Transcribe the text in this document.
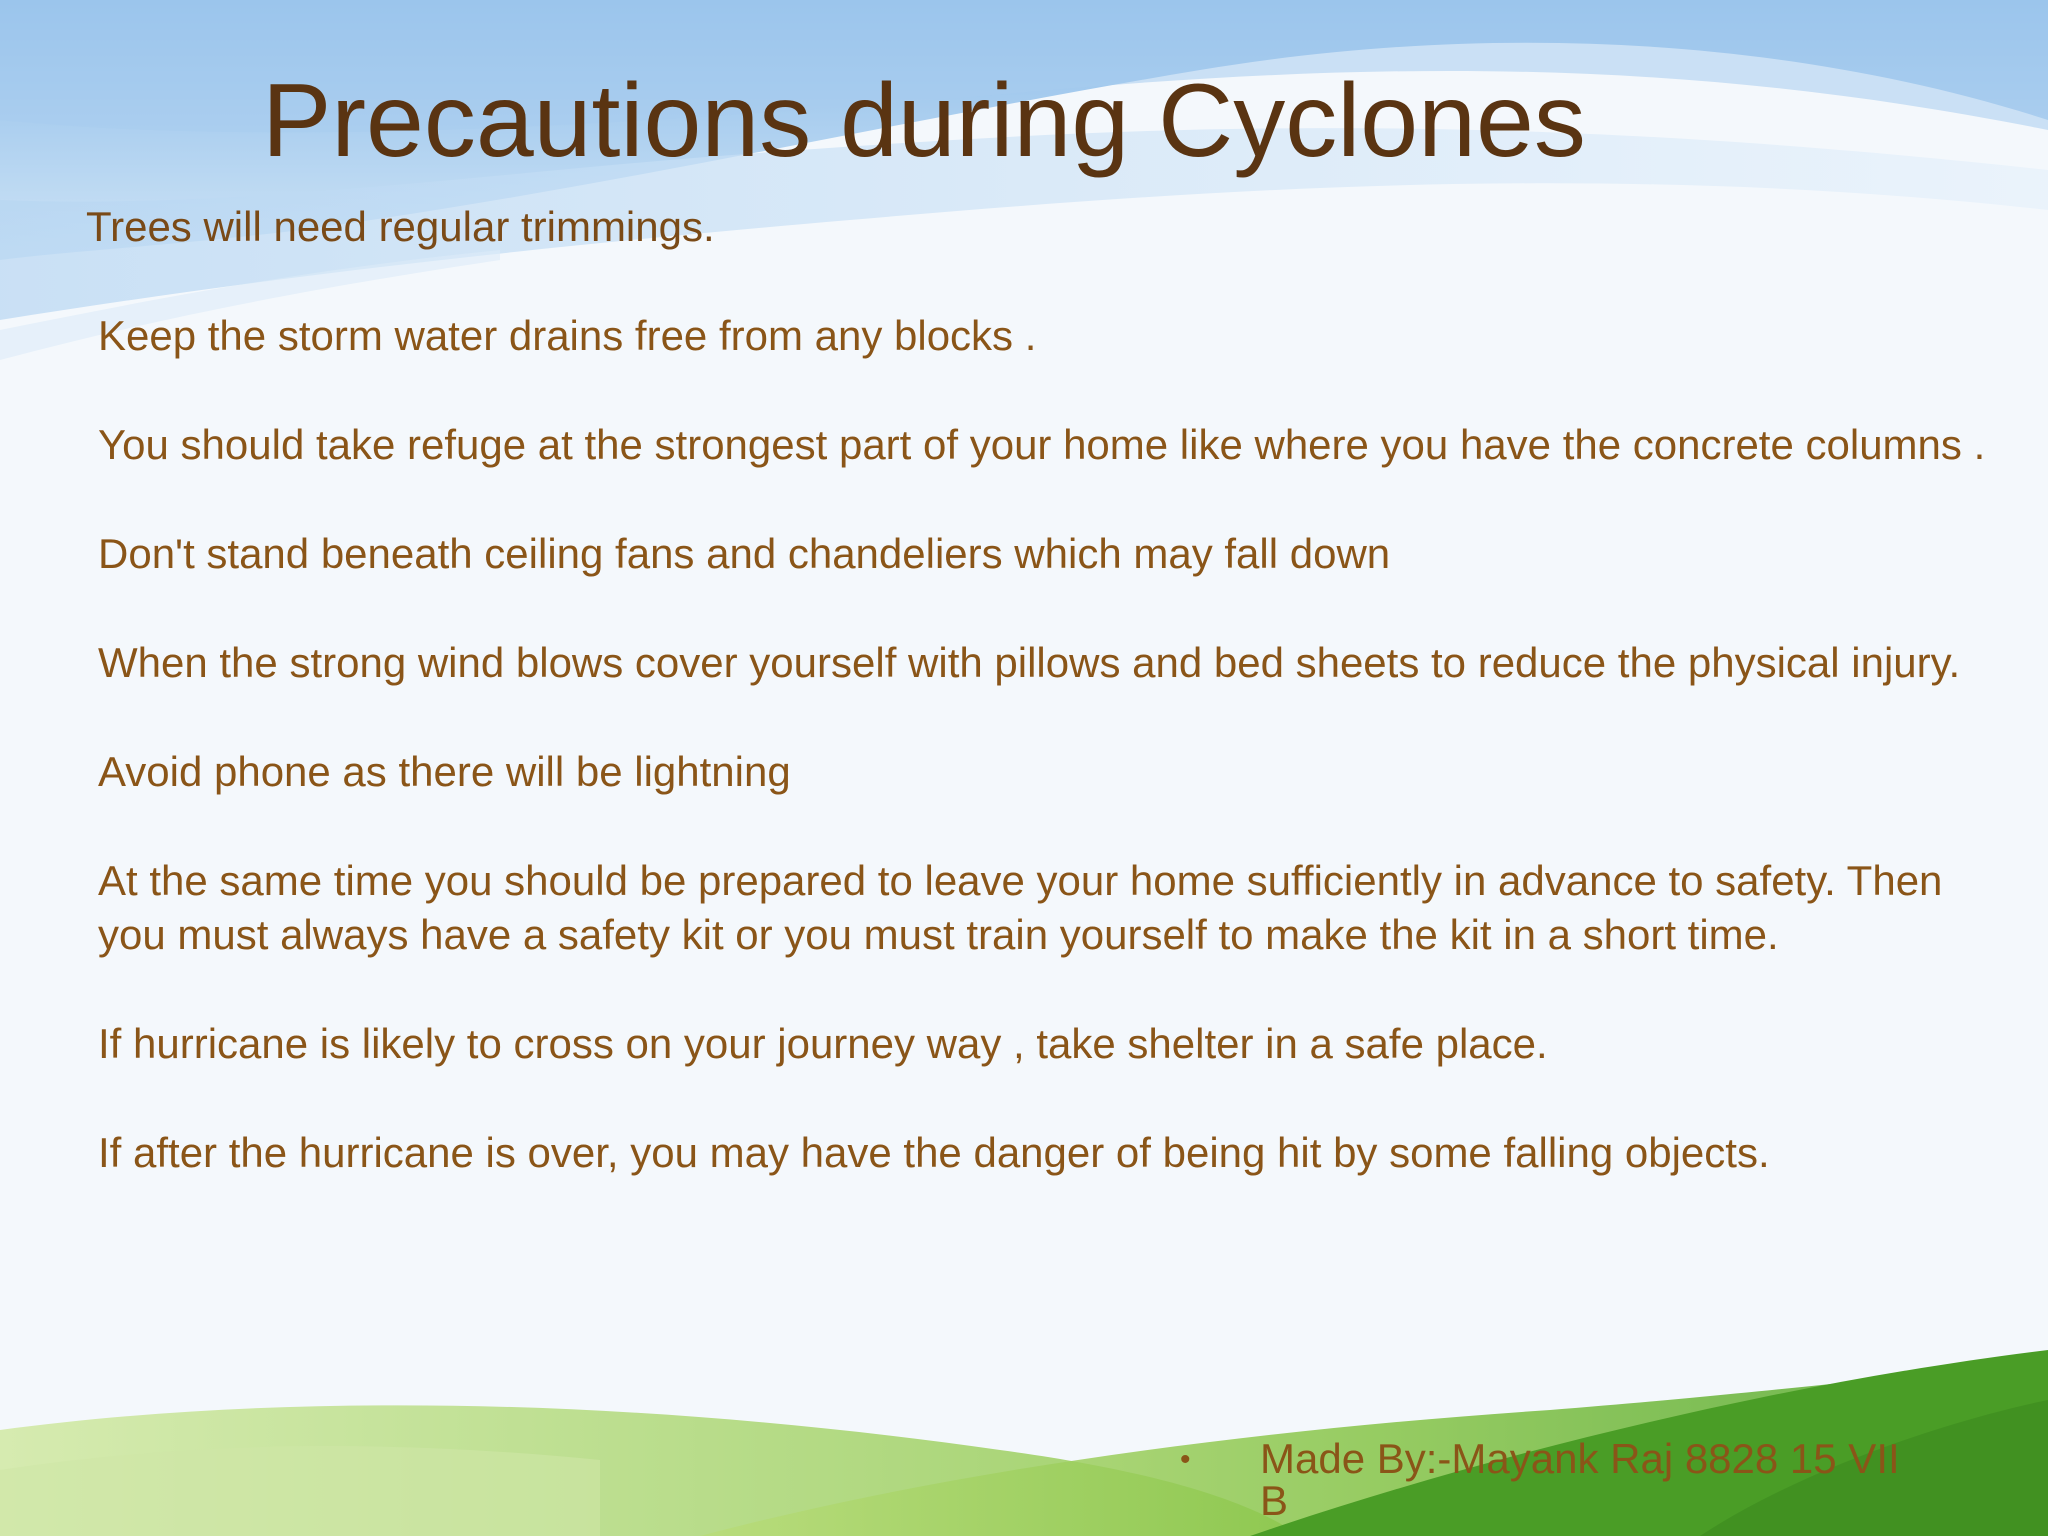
Precautions during Cyclones

Trees will need regular trimmings.

Keep the storm water drains free from any blocks .
You should take refuge at the strongest part of your home like where you have the concrete columns .
Don't stand beneath ceiling fans and chandeliers which may fall down
When the strong wind blows cover yourself with pillows and bed sheets to reduce the physical injury.
Avoid phone as there will be lightning
At the same time you should be prepared to leave your home sufficiently in advance to safety. Then you must always have a safety kit or you must train yourself to make the kit in a short time.
If hurricane is likely to cross on your journey way , take shelter in a safe place.
If after the hurricane is over, you may have the danger of being hit by some falling objects.
•	Made By:-Mayank Raj 8828 15 VII B
